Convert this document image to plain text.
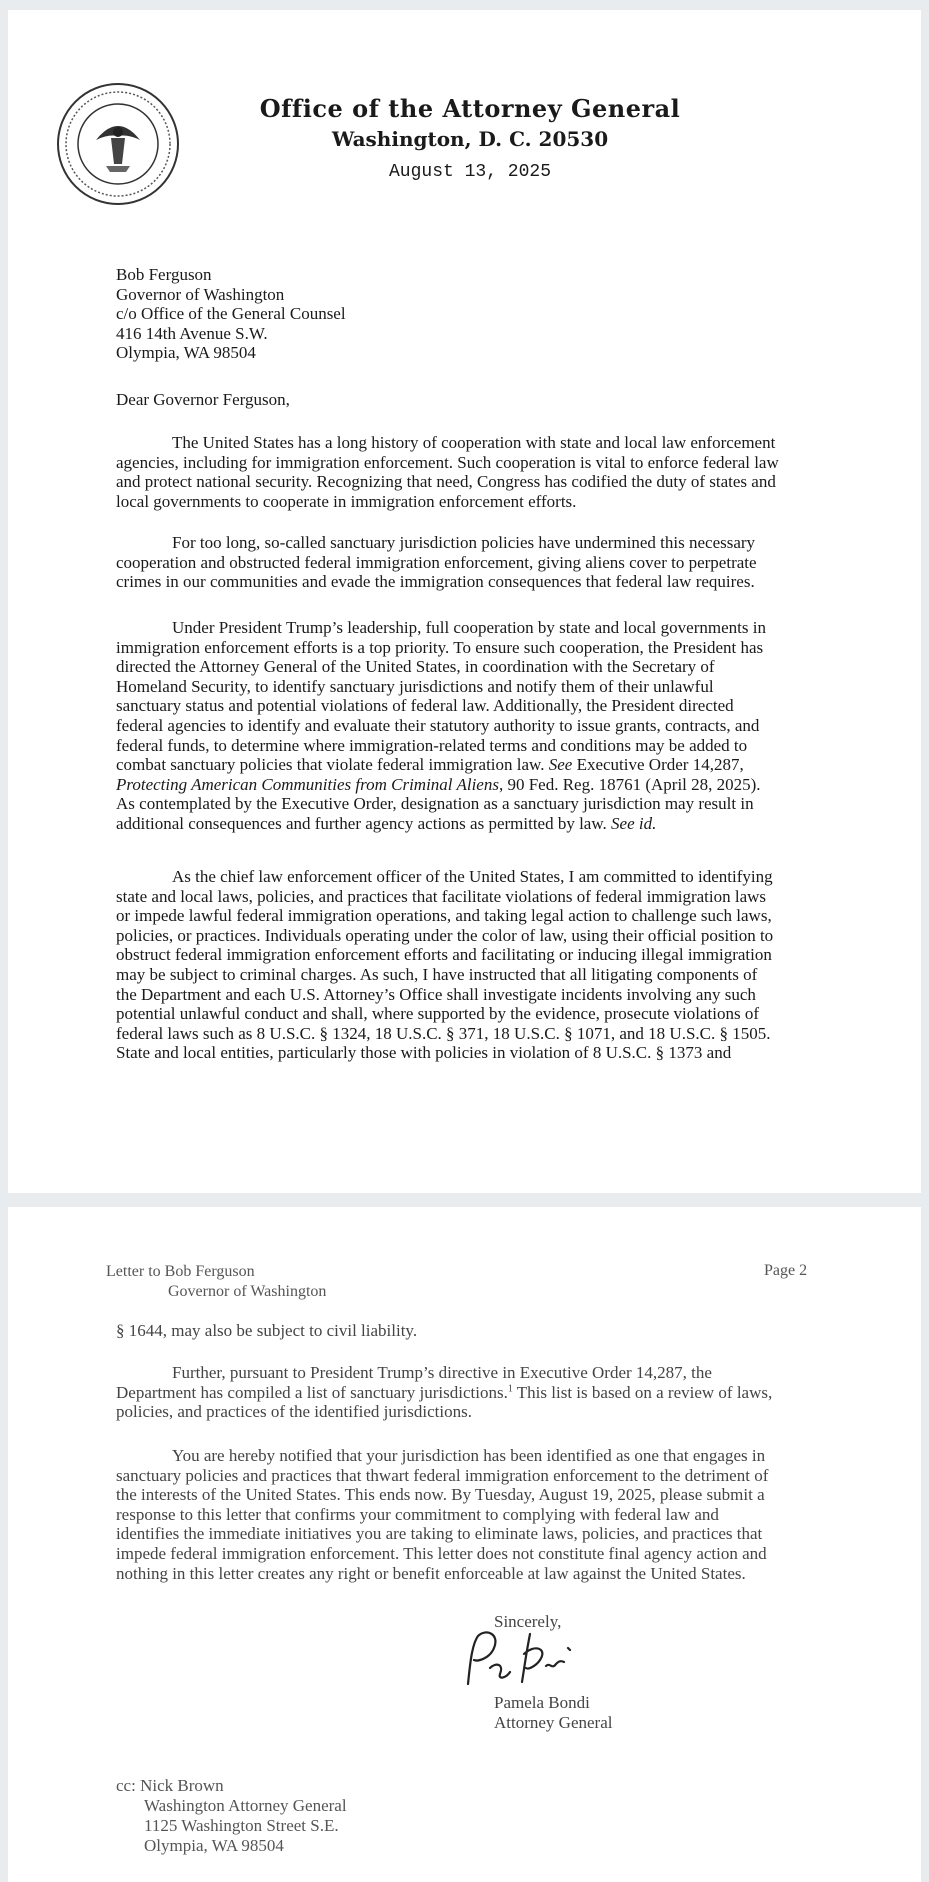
Office of the Attorney General
Washington, D. C. 20530
August 13, 2025
Bob Ferguson
Governor of Washington
c/o Office of the General Counsel
416 14th Avenue S.W.
Olympia, WA 98504
Dear Governor Ferguson,
The United States has a long history of cooperation with state and local law enforcement
agencies, including for immigration enforcement. Such cooperation is vital to enforce federal law
and protect national security. Recognizing that need, Congress has codified the duty of states and
local governments to cooperate in immigration enforcement efforts.
For too long, so-called sanctuary jurisdiction policies have undermined this necessary
cooperation and obstructed federal immigration enforcement, giving aliens cover to perpetrate
crimes in our communities and evade the immigration consequences that federal law requires.
Under President Trump’s leadership, full cooperation by state and local governments in
immigration enforcement efforts is a top priority. To ensure such cooperation, the President has
directed the Attorney General of the United States, in coordination with the Secretary of
Homeland Security, to identify sanctuary jurisdictions and notify them of their unlawful
sanctuary status and potential violations of federal law. Additionally, the President directed
federal agencies to identify and evaluate their statutory authority to issue grants, contracts, and
federal funds, to determine where immigration-related terms and conditions may be added to
combat sanctuary policies that violate federal immigration law. See Executive Order 14,287,
Protecting American Communities from Criminal Aliens, 90 Fed. Reg. 18761 (April 28, 2025).
As contemplated by the Executive Order, designation as a sanctuary jurisdiction may result in
additional consequences and further agency actions as permitted by law. See id.
As the chief law enforcement officer of the United States, I am committed to identifying
state and local laws, policies, and practices that facilitate violations of federal immigration laws
or impede lawful federal immigration operations, and taking legal action to challenge such laws,
policies, or practices. Individuals operating under the color of law, using their official position to
obstruct federal immigration enforcement efforts and facilitating or inducing illegal immigration
may be subject to criminal charges. As such, I have instructed that all litigating components of
the Department and each U.S. Attorney’s Office shall investigate incidents involving any such
potential unlawful conduct and shall, where supported by the evidence, prosecute violations of
federal laws such as 8 U.S.C. § 1324, 18 U.S.C. § 371, 18 U.S.C. § 1071, and 18 U.S.C. § 1505.
State and local entities, particularly those with policies in violation of 8 U.S.C. § 1373 and
Letter to Bob Ferguson
Governor of Washington
Page 2
§ 1644, may also be subject to civil liability.
Further, pursuant to President Trump’s directive in Executive Order 14,287, the
Department has compiled a list of sanctuary jurisdictions.$^1$ This list is based on a review of laws,
policies, and practices of the identified jurisdictions.
You are hereby notified that your jurisdiction has been identified as one that engages in
sanctuary policies and practices that thwart federal immigration enforcement to the detriment of
the interests of the United States. This ends now. By Tuesday, August 19, 2025, please submit a
response to this letter that confirms your commitment to complying with federal law and
identifies the immediate initiatives you are taking to eliminate laws, policies, and practices that
impede federal immigration enforcement. This letter does not constitute final agency action and
nothing in this letter creates any right or benefit enforceable at law against the United States.
Sincerely,
Pamela Bondi
Attorney General
cc: Nick Brown
Washington Attorney General
1125 Washington Street S.E.
Olympia, WA 98504
